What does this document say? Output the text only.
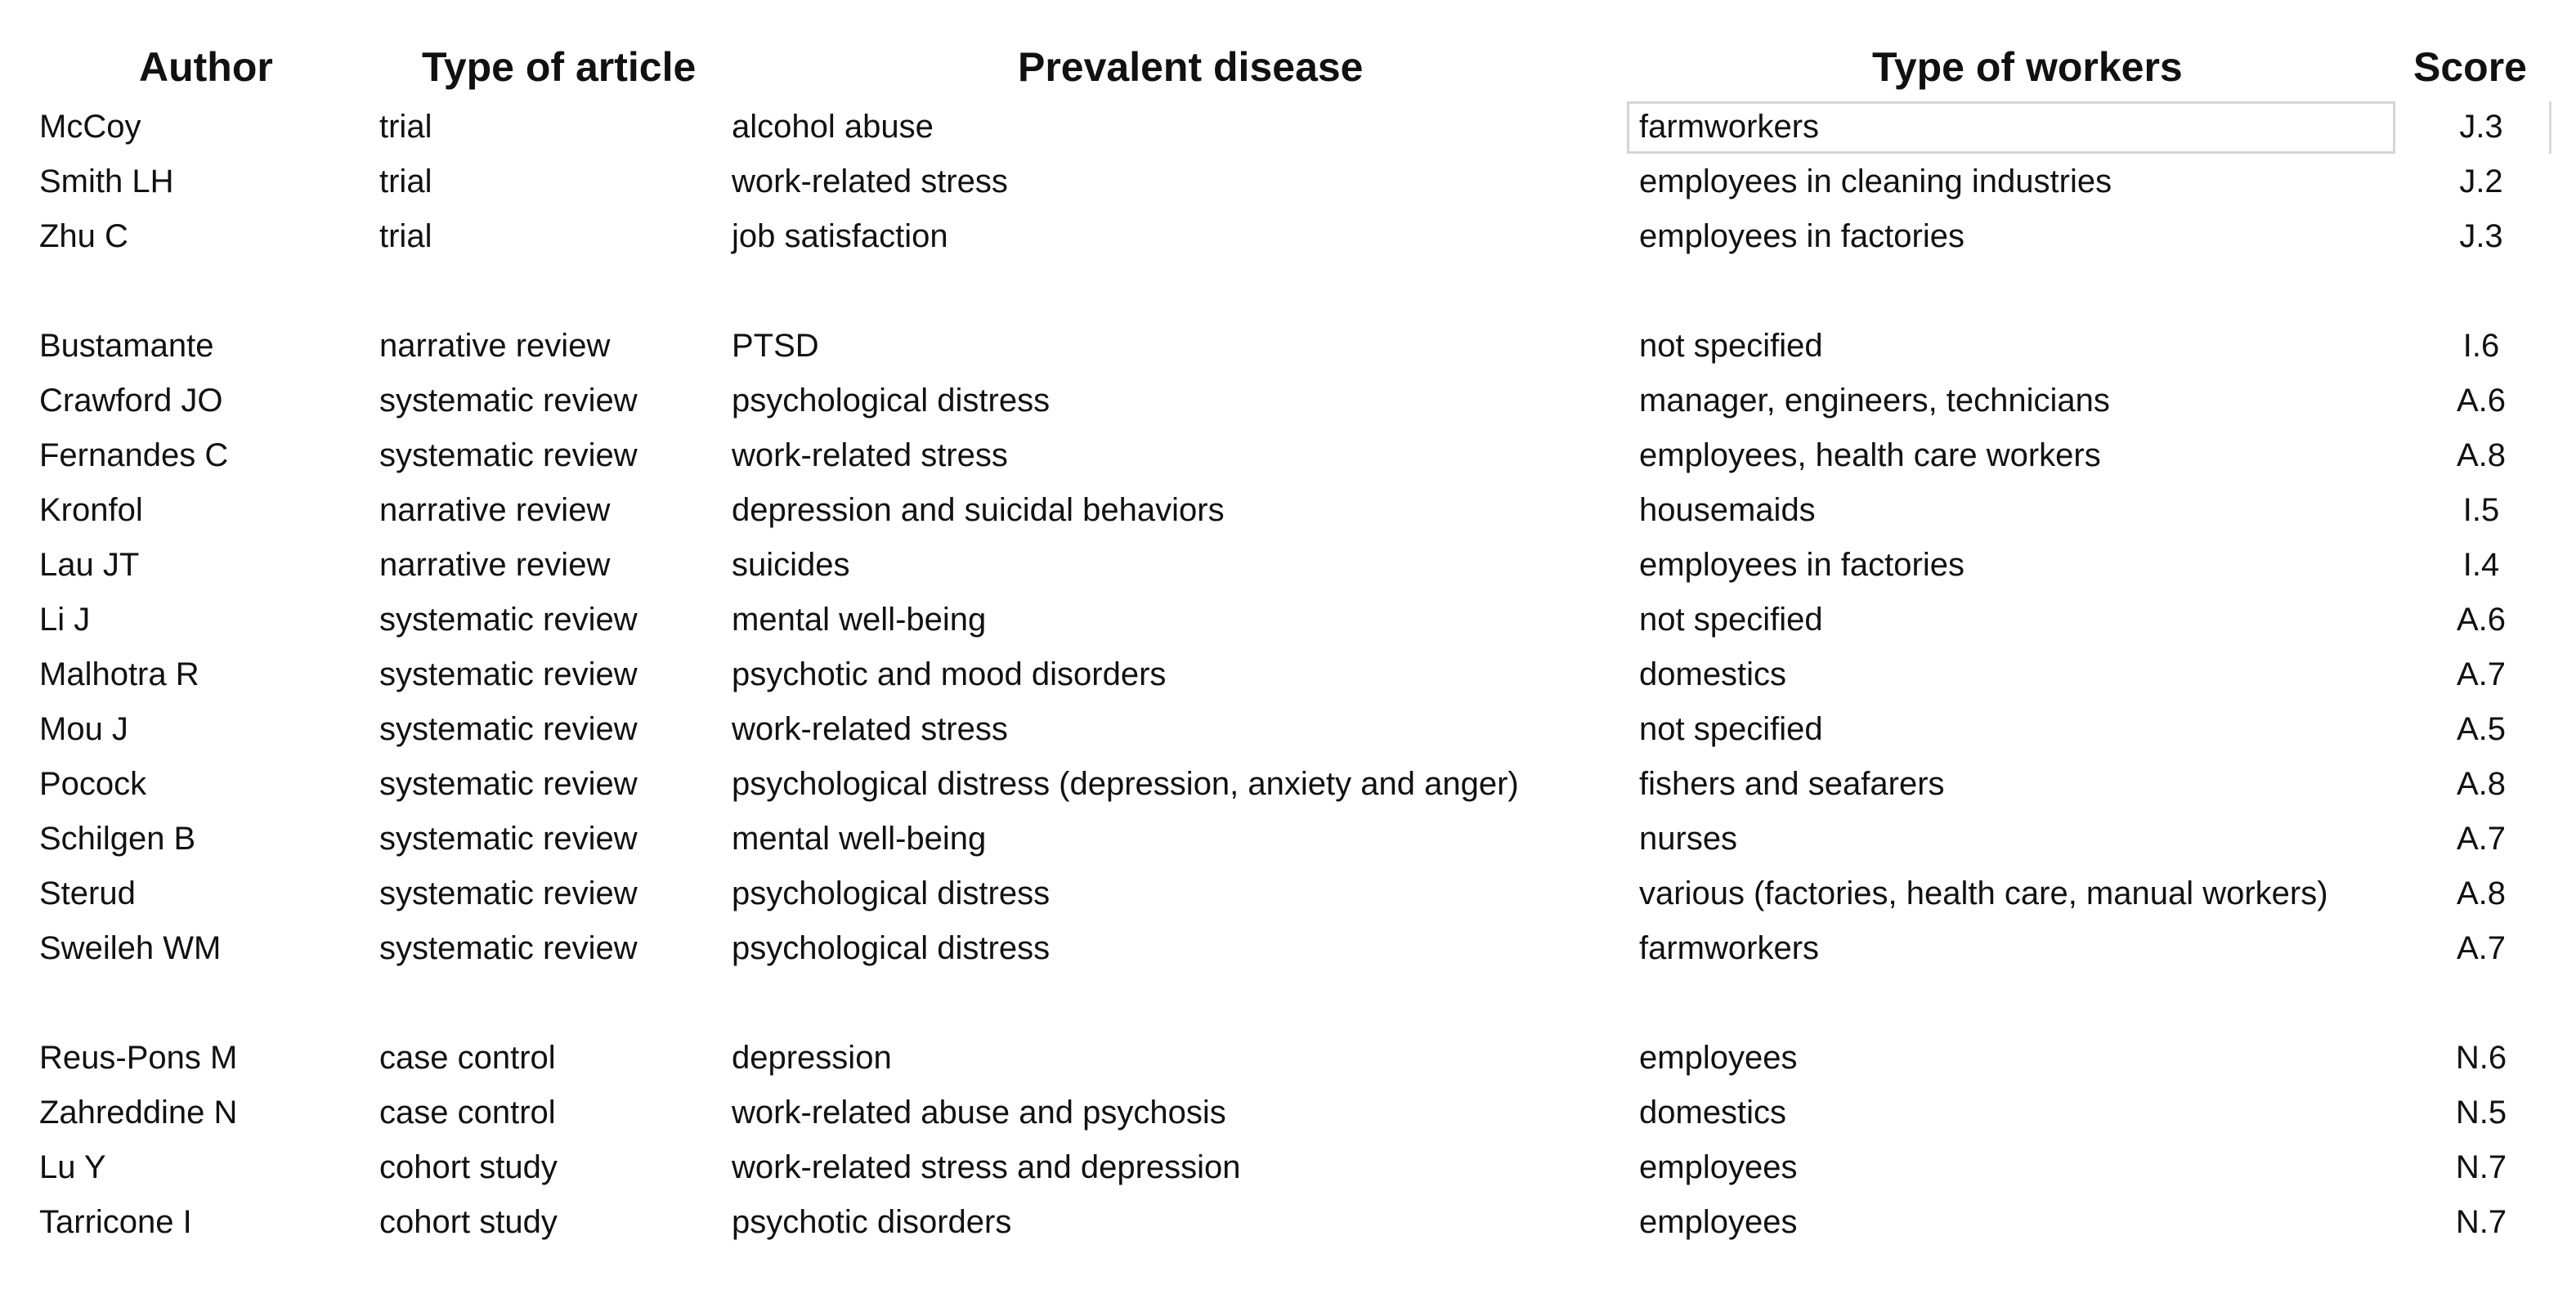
Author	Type of article	Prevalent disease	Type of workers	Score
McCoy	trial	alcohol abuse	farmworkers	J.3
Smith LH	trial	work-related stress	employees in cleaning industries	J.2
Zhu C	trial	job satisfaction	employees in factories	J.3
Bustamante	narrative review	PTSD	not specified	I.6
Crawford JO	systematic review	psychological distress	manager, engineers, technicians	A.6
Fernandes C	systematic review	work-related stress	employees, health care workers	A.8
Kronfol	narrative review	depression and suicidal behaviors	housemaids	I.5
Lau JT	narrative review	suicides	employees in factories	I.4
Li J	systematic review	mental well-being	not specified	A.6
Malhotra R	systematic review	psychotic and mood disorders	domestics	A.7
Mou J	systematic review	work-related stress	not specified	A.5
Pocock	systematic review	psychological distress (depression, anxiety and anger)	fishers and seafarers	A.8
Schilgen B	systematic review	mental well-being	nurses	A.7
Sterud	systematic review	psychological distress	various (factories, health care, manual workers)	A.8
Sweileh WM	systematic review	psychological distress	farmworkers	A.7
Reus-Pons M	case control	depression	employees	N.6
Zahreddine N	case control	work-related abuse and psychosis	domestics	N.5
Lu Y	cohort study	work-related stress and depression	employees	N.7
Tarricone I	cohort study	psychotic disorders	employees	N.7
